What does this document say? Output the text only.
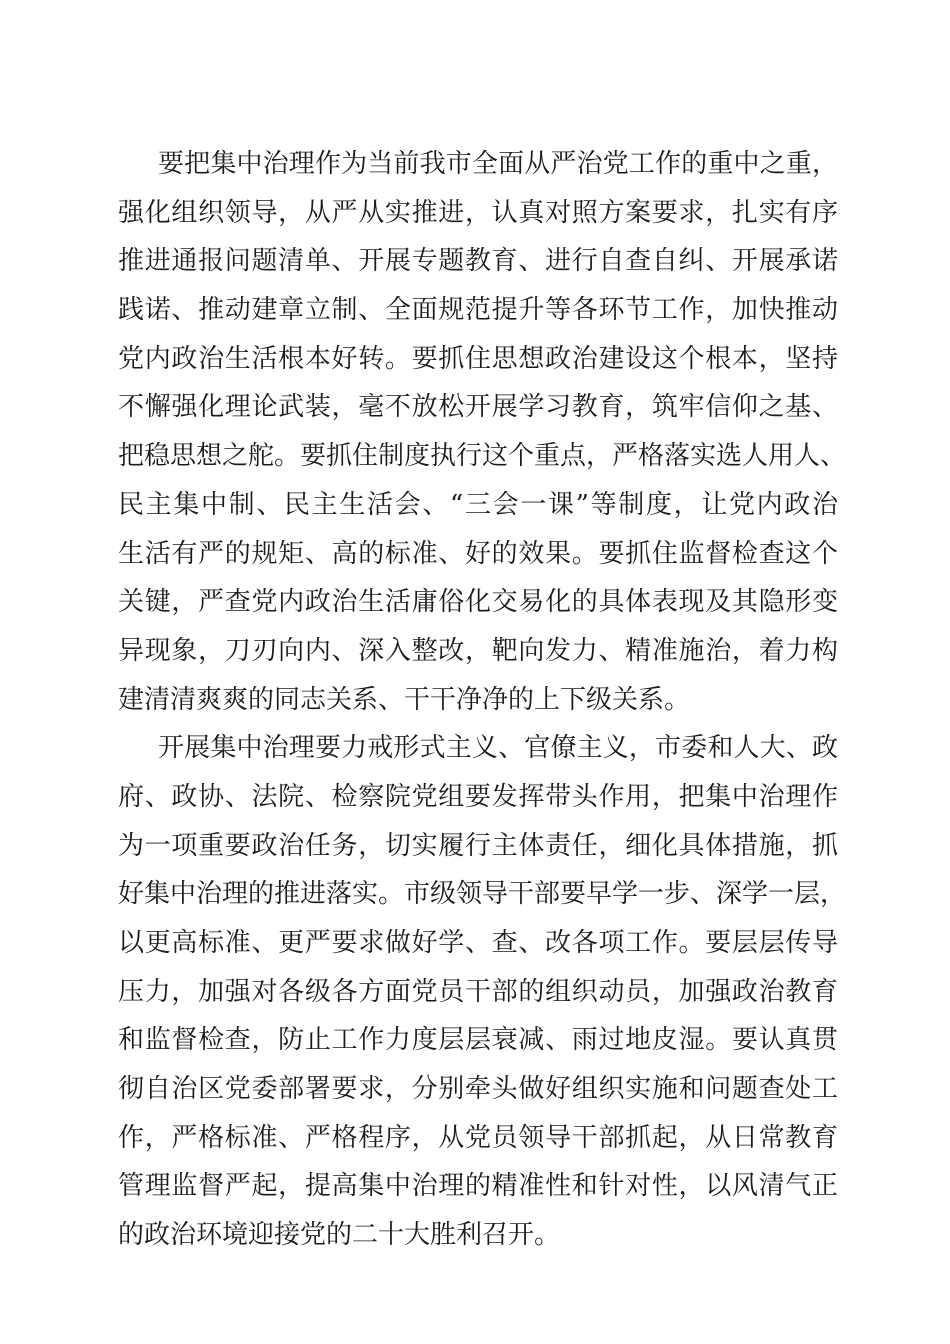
要把集中治理作为当前我市全面从严治党工作的重中之重，
强化组织领导，从严从实推进，认真对照方案要求，扎实有序
推进通报问题清单、开展专题教育、进行自查自纠、开展承诺
践诺、推动建章立制、全面规范提升等各环节工作，加快推动
党内政治生活根本好转。要抓住思想政治建设这个根本，坚持
不懈强化理论武装，毫不放松开展学习教育，筑牢信仰之基、
把稳思想之舵。要抓住制度执行这个重点，严格落实选人用人、
民主集中制、民主生活会、“三会一课”等制度，让党内政治
生活有严的规矩、高的标准、好的效果。要抓住监督检查这个
关键，严查党内政治生活庸俗化交易化的具体表现及其隐形变
异现象，刀刃向内、深入整改，靶向发力、精准施治，着力构
建清清爽爽的同志关系、干干净净的上下级关系。
开展集中治理要力戒形式主义、官僚主义，市委和人大、政
府、政协、法院、检察院党组要发挥带头作用，把集中治理作
为一项重要政治任务，切实履行主体责任，细化具体措施，抓
好集中治理的推进落实。市级领导干部要早学一步、深学一层，
以更高标准、更严要求做好学、查、改各项工作。要层层传导
压力，加强对各级各方面党员干部的组织动员，加强政治教育
和监督检查，防止工作力度层层衰减、雨过地皮湿。要认真贯
彻自治区党委部署要求，分别牵头做好组织实施和问题查处工
作，严格标准、严格程序，从党员领导干部抓起，从日常教育
管理监督严起，提高集中治理的精准性和针对性，以风清气正
的政治环境迎接党的二十大胜利召开。
